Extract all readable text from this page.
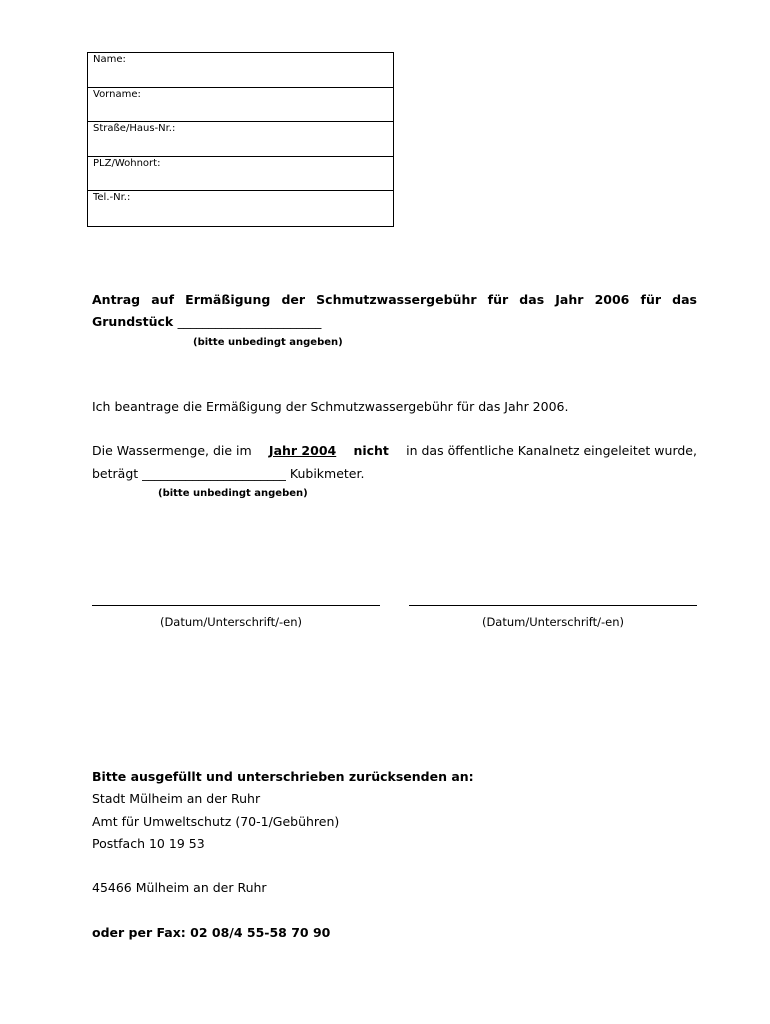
Name:
Vorname:
Straße/Haus-Nr.:
PLZ/Wohnort:
Tel.-Nr.:
Antrag auf Ermäßigung der Schmutzwassergebühr für das Jahr 2006 für das
Grundstück _______________________
(bitte unbedingt angeben)
Ich beantrage die Ermäßigung der Schmutzwassergebühr für das Jahr 2006.
Die Wassermenge, die im Jahr 2004 nicht in das öffentliche Kanalnetz eingeleitet wurde,
beträgt _______________________ Kubikmeter.
(bitte unbedingt angeben)
(Datum/Unterschrift/-en)	(Datum/Unterschrift/-en)
Bitte ausgefüllt und unterschrieben zurücksenden an:
Stadt Mülheim an der Ruhr
Amt für Umweltschutz (70-1/Gebühren)
Postfach 10 19 53
45466 Mülheim an der Ruhr
oder per Fax: 02 08/4 55-58 70 90
